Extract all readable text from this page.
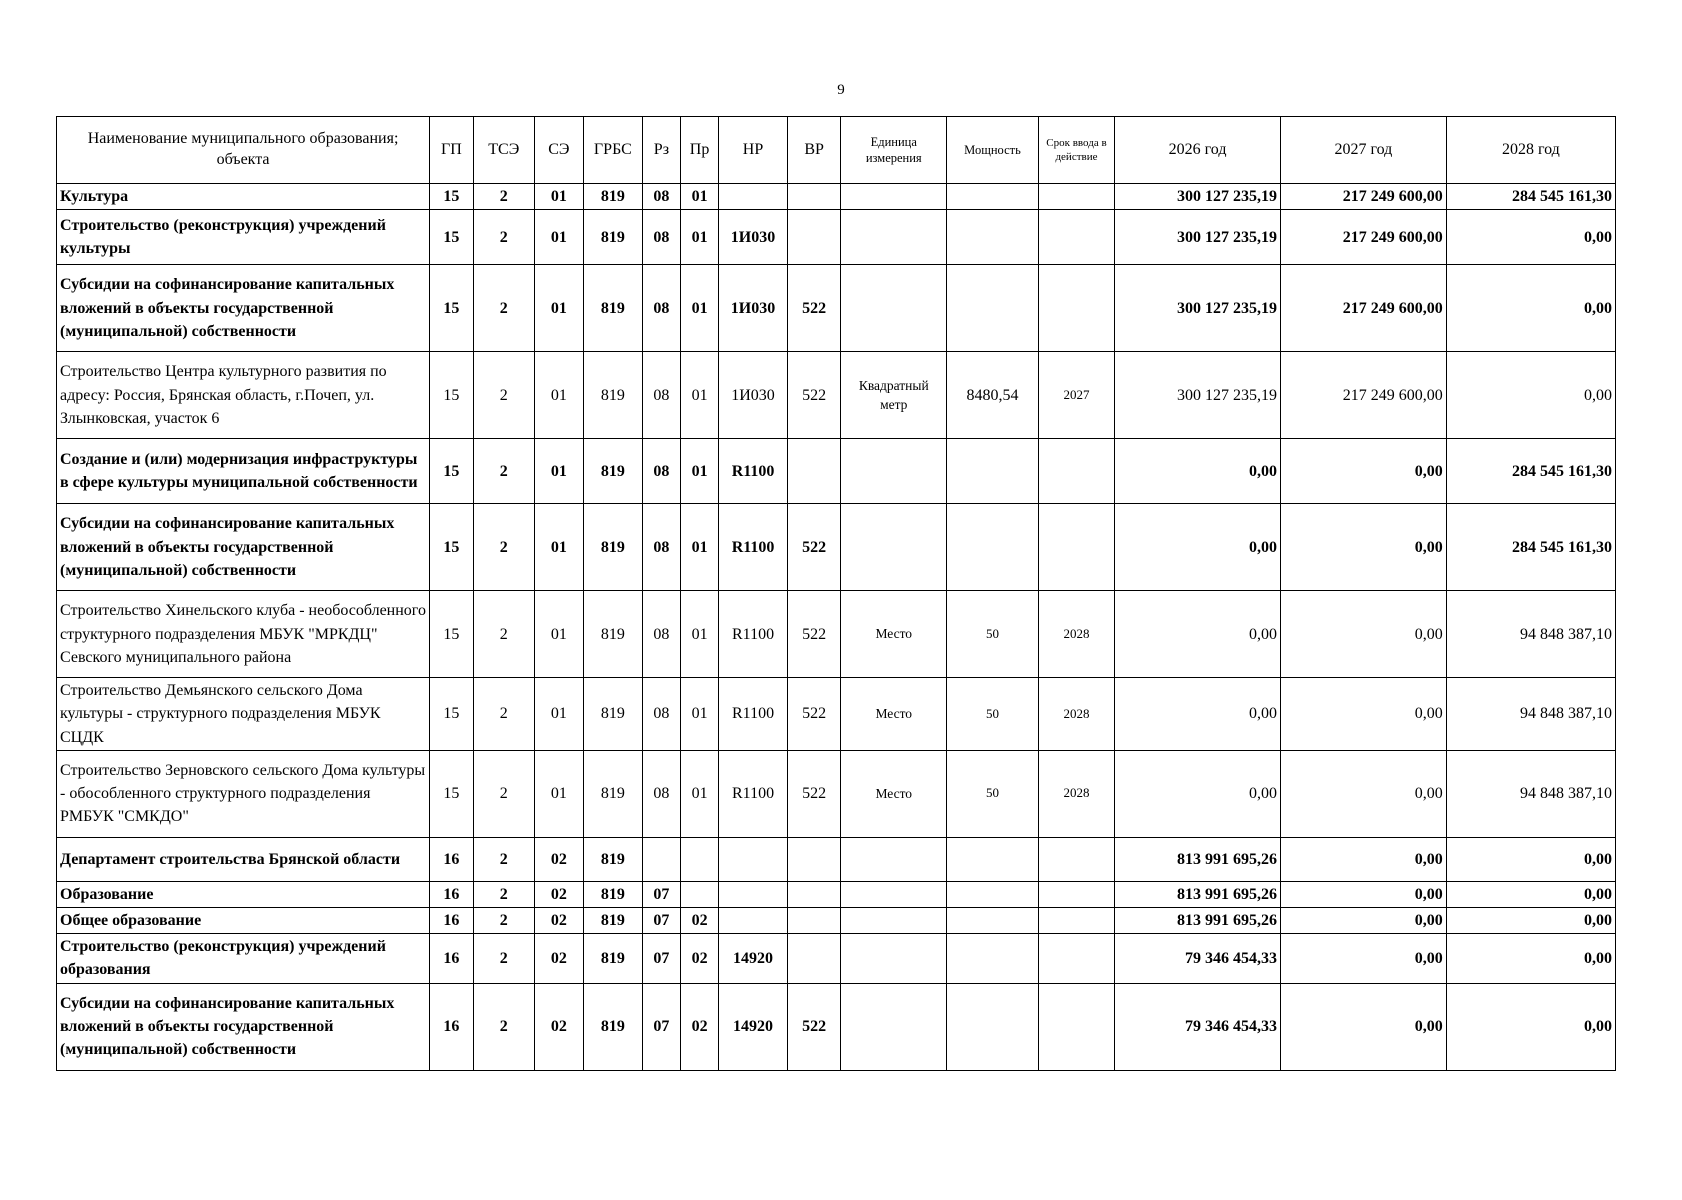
9
Наименование муниципального образования; объекта	ГП	ТСЭ	СЭ	ГРБС	Рз	Пр	НР	ВР	Единица измерения	Мощность	Срок ввода в действие	2026 год	2027 год	2028 год
Культура	15	2	01	819	08	01						300 127 235,19	217 249 600,00	284 545 161,30
Строительство (реконструкция) учреждений культуры	15	2	01	819	08	01	1И030					300 127 235,19	217 249 600,00	0,00
Субсидии на софинансирование капитальных вложений в объекты государственной (муниципальной) собственности	15	2	01	819	08	01	1И030	522				300 127 235,19	217 249 600,00	0,00
Строительство Центра культурного развития по адресу: Россия, Брянская область, г.Почеп, ул. Злынковская, участок 6	15	2	01	819	08	01	1И030	522	Квадратный метр	8480,54	2027	300 127 235,19	217 249 600,00	0,00
Создание и (или) модернизация инфраструктуры в сфере культуры муниципальной собственности	15	2	01	819	08	01	R1100					0,00	0,00	284 545 161,30
Субсидии на софинансирование капитальных вложений в объекты государственной (муниципальной) собственности	15	2	01	819	08	01	R1100	522				0,00	0,00	284 545 161,30
Строительство Хинельского клуба - необособленного структурного подразделения МБУК "МРКДЦ" Севского муниципального района	15	2	01	819	08	01	R1100	522	Место	50	2028	0,00	0,00	94 848 387,10
Строительство Демьянского сельского Дома культуры - структурного подразделения МБУК СЦДК	15	2	01	819	08	01	R1100	522	Место	50	2028	0,00	0,00	94 848 387,10
Строительство Зерновского сельского Дома культуры - обособленного структурного подразделения РМБУК "СМКДО"	15	2	01	819	08	01	R1100	522	Место	50	2028	0,00	0,00	94 848 387,10
Департамент строительства Брянской области	16	2	02	819								813 991 695,26	0,00	0,00
Образование	16	2	02	819	07							813 991 695,26	0,00	0,00
Общее образование	16	2	02	819	07	02						813 991 695,26	0,00	0,00
Строительство (реконструкция) учреждений образования	16	2	02	819	07	02	14920					79 346 454,33	0,00	0,00
Субсидии на софинансирование капитальных вложений в объекты государственной (муниципальной) собственности	16	2	02	819	07	02	14920	522				79 346 454,33	0,00	0,00
